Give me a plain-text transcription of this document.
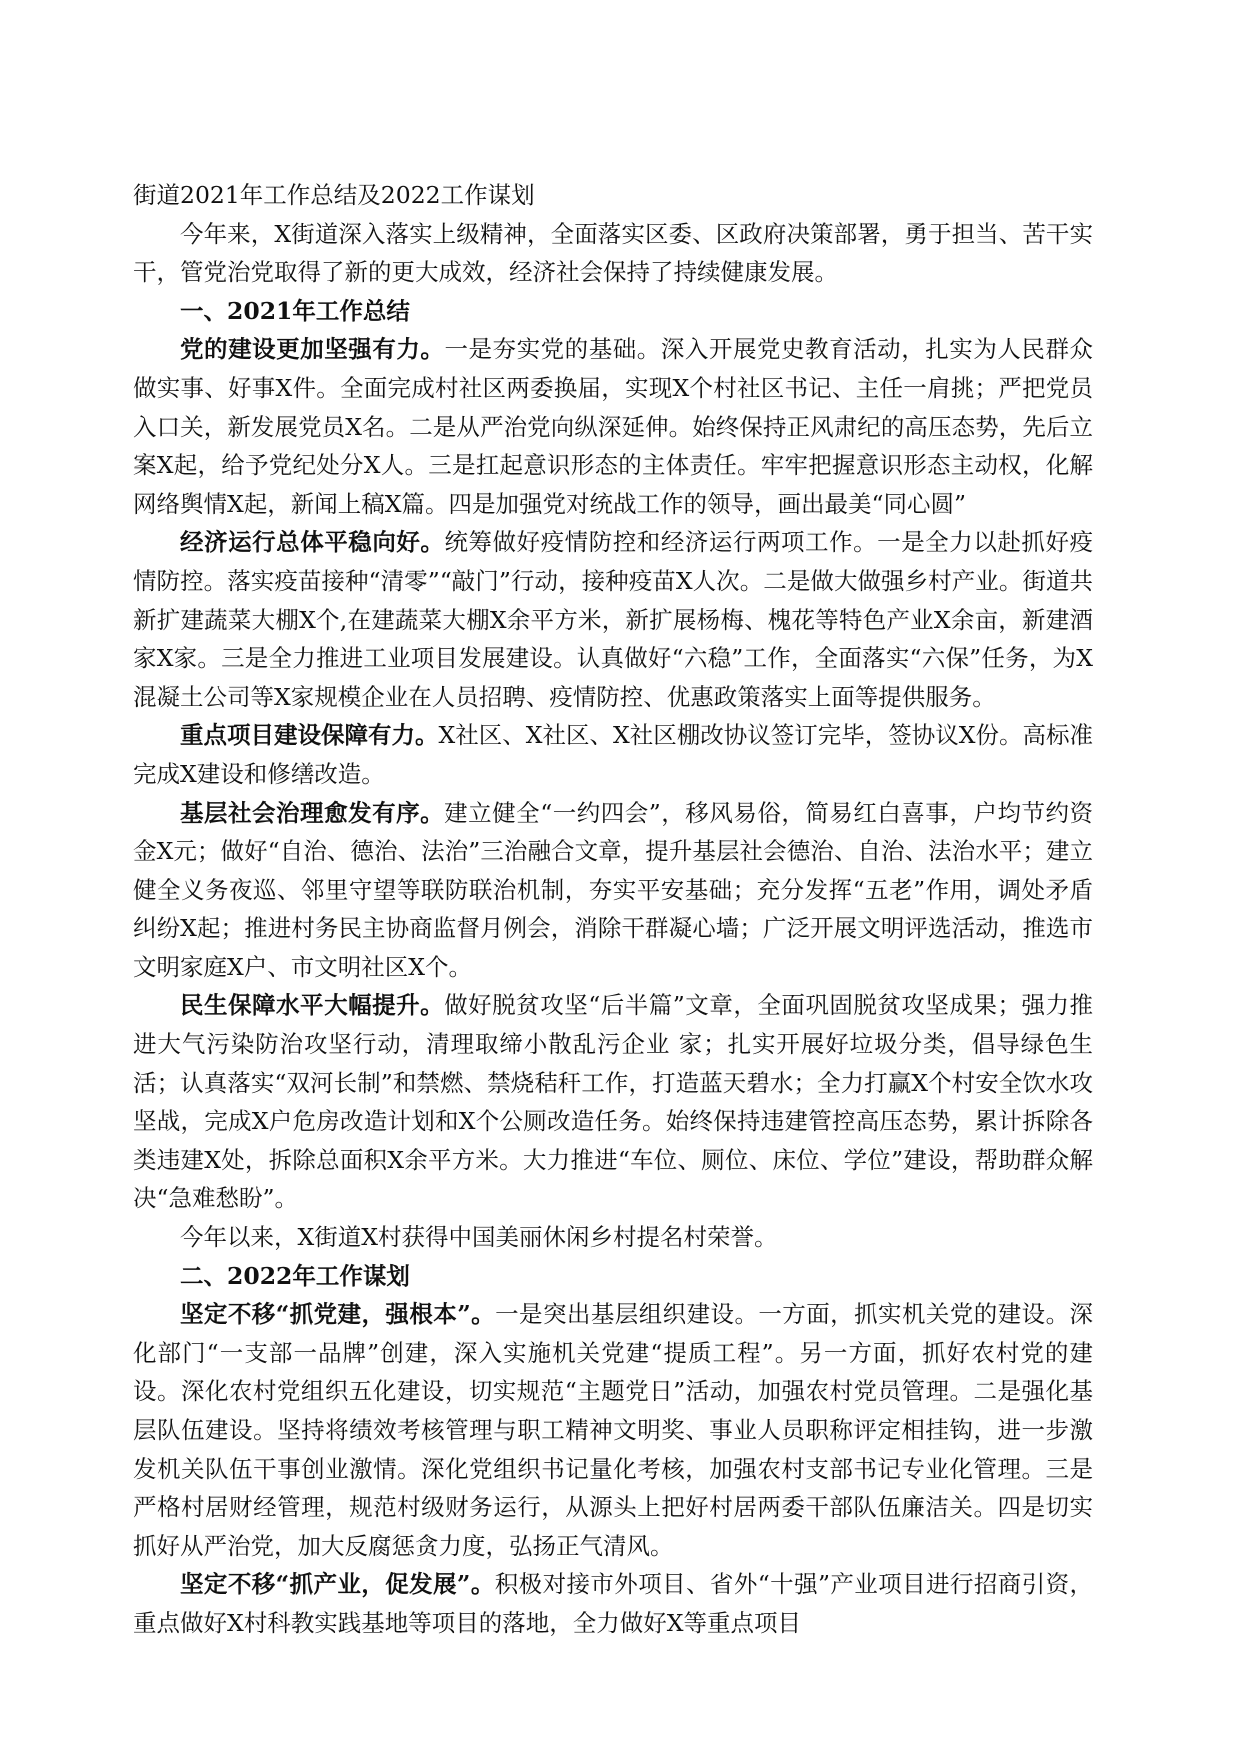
街道2021年工作总结及2022工作谋划

今年来，X街道深入落实上级精神，全面落实区委、区政府决策部署，勇于担当、苦干实干，管党治党取得了新的更大成效，经济社会保持了持续健康发展。

一、2021年工作总结

党的建设更加坚强有力。一是夯实党的基础。深入开展党史教育活动，扎实为人民群众做实事、好事X件。全面完成村社区两委换届，实现X个村社区书记、主任一肩挑；严把党员入口关，新发展党员X名。二是从严治党向纵深延伸。始终保持正风肃纪的高压态势，先后立案X起，给予党纪处分X人。三是扛起意识形态的主体责任。牢牢把握意识形态主动权，化解网络舆情X起，新闻上稿X篇。四是加强党对统战工作的领导，画出最美“同心圆”

经济运行总体平稳向好。统筹做好疫情防控和经济运行两项工作。一是全力以赴抓好疫情防控。落实疫苗接种“清零”“敲门”行动，接种疫苗X人次。二是做大做强乡村产业。街道共新扩建蔬菜大棚X个,在建蔬菜大棚X余平方米，新扩展杨梅、槐花等特色产业X余亩，新建酒家X家。三是全力推进工业项目发展建设。认真做好“六稳”工作，全面落实“六保”任务，为X混凝土公司等X家规模企业在人员招聘、疫情防控、优惠政策落实上面等提供服务。

重点项目建设保障有力。X社区、X社区、X社区棚改协议签订完毕，签协议X份。高标准完成X建设和修缮改造。

基层社会治理愈发有序。建立健全“一约四会”，移风易俗，简易红白喜事，户均节约资金X元；做好“自治、德治、法治”三治融合文章，提升基层社会德治、自治、法治水平；建立健全义务夜巡、邻里守望等联防联治机制，夯实平安基础；充分发挥“五老”作用，调处矛盾纠纷X起；推进村务民主协商监督月例会，消除干群凝心墙；广泛开展文明评选活动，推选市文明家庭X户、市文明社区X个。

民生保障水平大幅提升。做好脱贫攻坚“后半篇”文章，全面巩固脱贫攻坚成果；强力推进大气污染防治攻坚行动，清理取缔小散乱污企业 家；扎实开展好垃圾分类，倡导绿色生活；认真落实“双河长制”和禁燃、禁烧秸秆工作，打造蓝天碧水；全力打赢X个村安全饮水攻坚战，完成X户危房改造计划和X个公厕改造任务。始终保持违建管控高压态势，累计拆除各类违建X处，拆除总面积X余平方米。大力推进“车位、厕位、床位、学位”建设，帮助群众解决“急难愁盼”。

今年以来，X街道X村获得中国美丽休闲乡村提名村荣誉。

二、2022年工作谋划

坚定不移“抓党建，强根本”。一是突出基层组织建设。一方面，抓实机关党的建设。深化部门“一支部一品牌”创建，深入实施机关党建“提质工程”。另一方面，抓好农村党的建设。深化农村党组织五化建设，切实规范“主题党日”活动，加强农村党员管理。二是强化基层队伍建设。坚持将绩效考核管理与职工精神文明奖、事业人员职称评定相挂钩，进一步激发机关队伍干事创业激情。深化党组织书记量化考核，加强农村支部书记专业化管理。三是严格村居财经管理，规范村级财务运行，从源头上把好村居两委干部队伍廉洁关。四是切实抓好从严治党，加大反腐惩贪力度，弘扬正气清风。

坚定不移“抓产业，促发展”。积极对接市外项目、省外“十强”产业项目进行招商引资，重点做好X村科教实践基地等项目的落地，全力做好X等重点项目
